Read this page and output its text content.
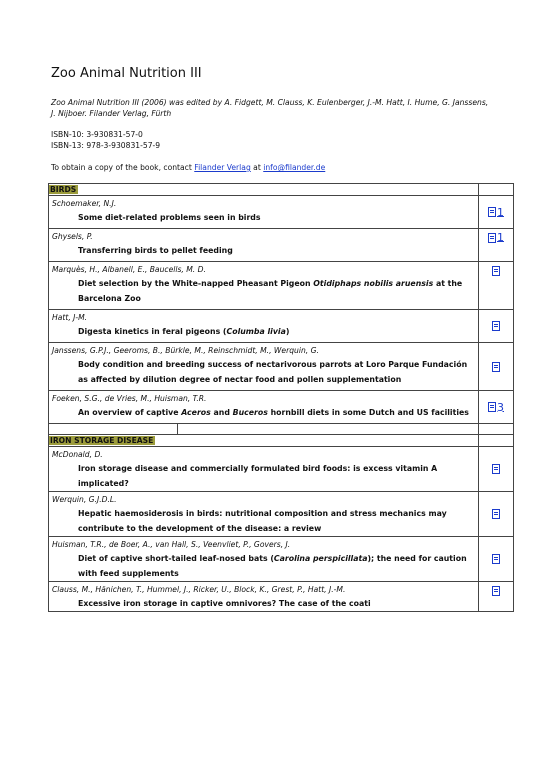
Zoo Animal Nutrition III
Zoo Animal Nutrition III (2006) was edited by A. Fidgett, M. Clauss, K. Eulenberger, J.-M. Hatt, I. Hume, G. Janssens, J. Nijboer. Filander Verlag, Fürth
ISBN-10: 3-930831-57-0
ISBN-13: 978-3-930831-57-9
To obtain a copy of the book, contact Filander Verlag at info@filander.de
BIRDS	

Schoemaker, N.J.
Some diet-related problems seen in birds	1

Ghysels, P.
Transferring birds to pellet feeding	1

Marquès, H., Albanell, E., Baucells, M. D.
Diet selection by the White-napped Pheasant Pigeon Otidiphaps nobilis aruensis at the Barcelona Zoo	

Hatt, J-M.
Digesta kinetics in feral pigeons (Columba livia)	

Janssens, G.P.J., Geeroms, B., Bürkle, M., Reinschmidt, M., Werquin, G.
Body condition and breeding success of nectarivorous parrots at Loro Parque Fundación as affected by dilution degree of nectar food and pollen supplementation	

Foeken, S.G., de Vries, M., Huisman, T.R.
An overview of captive Aceros and Buceros hornbill diets in some Dutch and US facilities	3

IRON STORAGE DISEASE	

McDonald, D.
Iron storage disease and commercially formulated bird foods: is excess vitamin A implicated?	

Werquin, G.J.D.L.
Hepatic haemosiderosis in birds: nutritional composition and stress mechanics may contribute to the development of the disease: a review	

Huisman, T.R., de Boer, A., van Hall, S., Veenvliet, P., Govers, J.
Diet of captive short-tailed leaf-nosed bats (Carolina perspicillata); the need for caution with feed supplements	

Clauss, M., Hänichen, T., Hummel, J., Ricker, U., Block, K., Grest, P., Hatt, J.-M.
Excessive iron storage in captive omnivores? The case of the coati	
